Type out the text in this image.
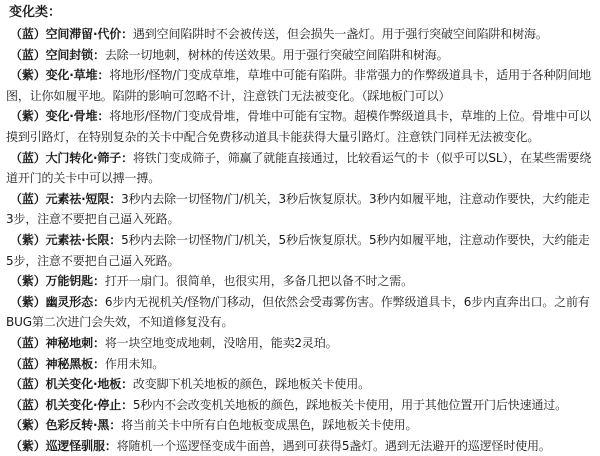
变化类：

（蓝）空间滞留·代价：遇到空间陷阱时不会被传送，但会损失一盏灯。用于强行突破空间陷阱和树海。

（蓝）空间封锁：去除一切地刺，树林的传送效果。用于强行突破空间陷阱和树海。

（紫）变化·草堆：将地形/怪物/门变成草堆，草堆中可能有陷阱。非常强力的作弊级道具卡，适用于各种阴间地图，让你如履平地。陷阱的影响可忽略不计，注意铁门无法被变化。（踩地板门可以）

（紫）变化·骨堆：将地形/怪物/门变成骨堆，骨堆中可能有宝物。超模作弊级道具卡，草堆的上位。骨堆中可以摸到引路灯，在特别复杂的关卡中配合免费移动道具卡能获得大量引路灯。注意铁门同样无法被变化。

（蓝）大门转化·筛子：将铁门变成筛子，筛赢了就能直接通过，比较看运气的卡（似乎可以SL），在某些需要绕道开门的关卡中可以搏一搏。

（蓝）元素祛·短限：3秒内去除一切怪物/门/机关，3秒后恢复原状。3秒内如履平地，注意动作要快，大约能走3步，注意不要把自己逼入死路。

（紫）元素祛·长限：5秒内去除一切怪物/门/机关，5秒后恢复原状。5秒内如履平地，注意动作要快，大约能走5步，注意不要把自己逼入死路。

（紫）万能钥匙：打开一扇门。很简单，也很实用，多备几把以备不时之需。

（紫）幽灵形态：6步内无视机关/怪物/门移动，但依然会受毒雾伤害。作弊级道具卡，6步内直奔出口。之前有BUG第二次进门会失效，不知道修复没有。

（蓝）神秘地刺：将一块空地变成地刺，没啥用，能卖2灵珀。

（蓝）神秘黑板：作用未知。

（蓝）机关变化·地板：改变脚下机关地板的颜色，踩地板关卡使用。

（蓝）机关变化·停止：5秒内不会改变机关地板的颜色，踩地板关卡使用，用于其他位置开门后快速通过。

（紫）色彩反转·黑：将当前关卡中所有白色地板变成黑色，踩地板关卡使用。

（紫）巡逻怪驯服：将随机一个巡逻怪变成牛面兽，遇到可获得5盏灯。遇到无法避开的巡逻怪时使用。
